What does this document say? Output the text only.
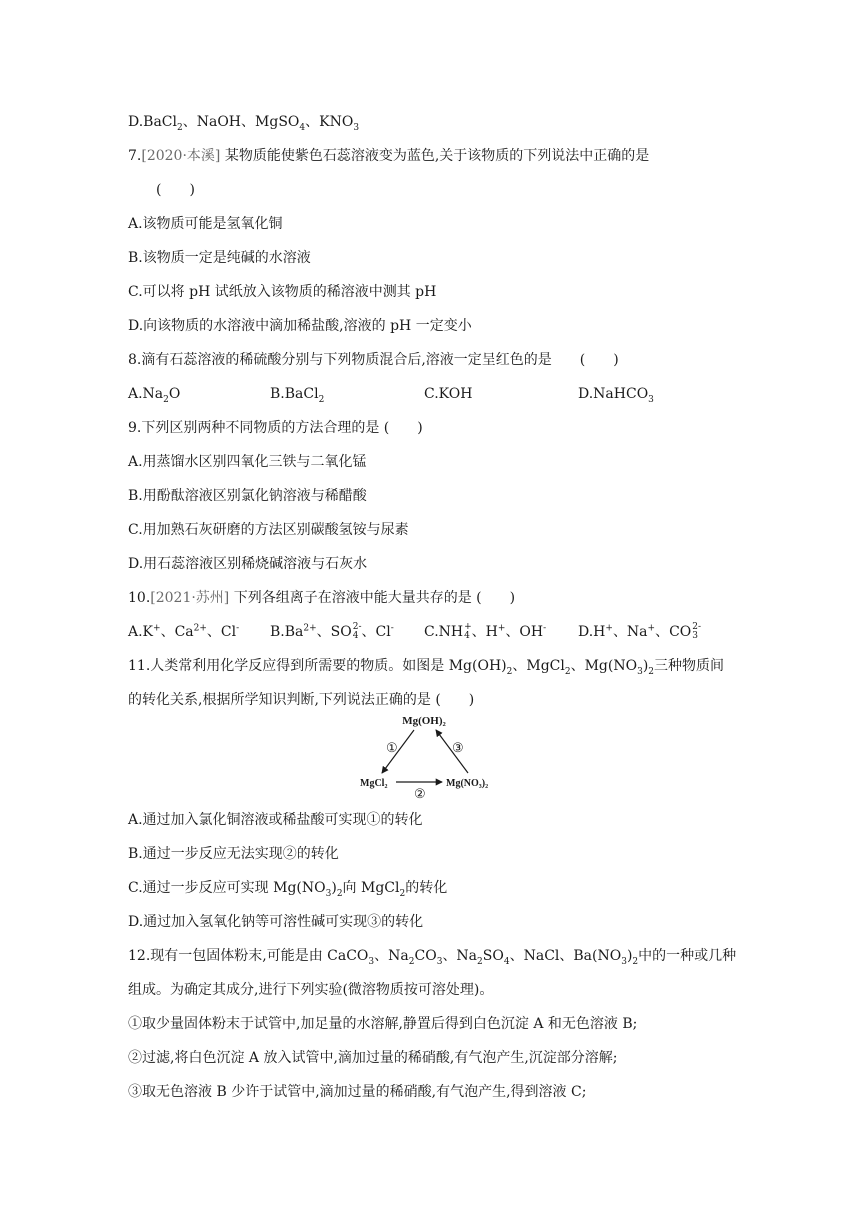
D.BaCl$_2$、NaOH、MgSO$_4$、$KNO_3$
7.[2020·本溪] 某物质能使紫色石蕊溶液变为蓝色,关于该物质的下列说法中正确的是
(　　)
A.该物质可能是氢氧化铜
B.该物质一定是纯碱的水溶液
C.可以将 pH 试纸放入该物质的稀溶液中测其 pH
D.向该物质的水溶液中滴加稀盐酸,溶液的 pH 一定变小
8.滴有石蕊溶液的稀硫酸分别与下列物质混合后,溶液一定呈红色的是　　(　　)
$A.Na_2O$	B.BaCl$_2$	C.KOH	D.NaHCO$_3$
9.下列区别两种不同物质的方法合理的是 (　　)
A.用蒸馏水区别四氧化三铁与二氧化锰
B.用酚酞溶液区别氯化钠溶液与稀醋酸
C.用加熟石灰研磨的方法区别碳酸氢铵与尿素
D.用石蕊溶液区别稀烧碱溶液与石灰水
10.[2021·苏州] 下列各组离子在溶液中能大量共存的是 (　　)
A.K+、$Ca^{2+}$、Cl- $B.Ba^{2+}$、SO 2-
4 、Cl- C.NH +
4 、H+、OH- D.H+、Na+、CO 2-
3
11.人类常利用化学反应得到所需要的物质。如图是 $Mg(OH)_2$、MgCl$_2$、$Mg(NO_3)_2$三种物质间
的转化关系,根据所学知识判断,下列说法正确的是 (　　)
Mg(OH)₂
MgCl₂	Mg(NO₃)₂
①
②
③
A.通过加入氯化铜溶液或稀盐酸可实现①的转化
B.通过一步反应无法实现②的转化
C.通过一步反应可实现 $Mg(NO_3)_2$向 MgCl$_2$的转化
D.通过加入氢氧化钠等可溶性碱可实现③的转化
12.现有一包固体粉末,可能是由 CaCO$_3$、$Na_2CO_3$、$Na_2SO_4$、NaCl、$Ba(NO_3)_2$中的一种或几种
组成。为确定其成分,进行下列实验(微溶物质按可溶处理)。
①取少量固体粉末于试管中,加足量的水溶解,静置后得到白色沉淀 A 和无色溶液 B;
②过滤,将白色沉淀 A 放入试管中,滴加过量的稀硝酸,有气泡产生,沉淀部分溶解;
③取无色溶液 B 少许于试管中,滴加过量的稀硝酸,有气泡产生,得到溶液 C;
